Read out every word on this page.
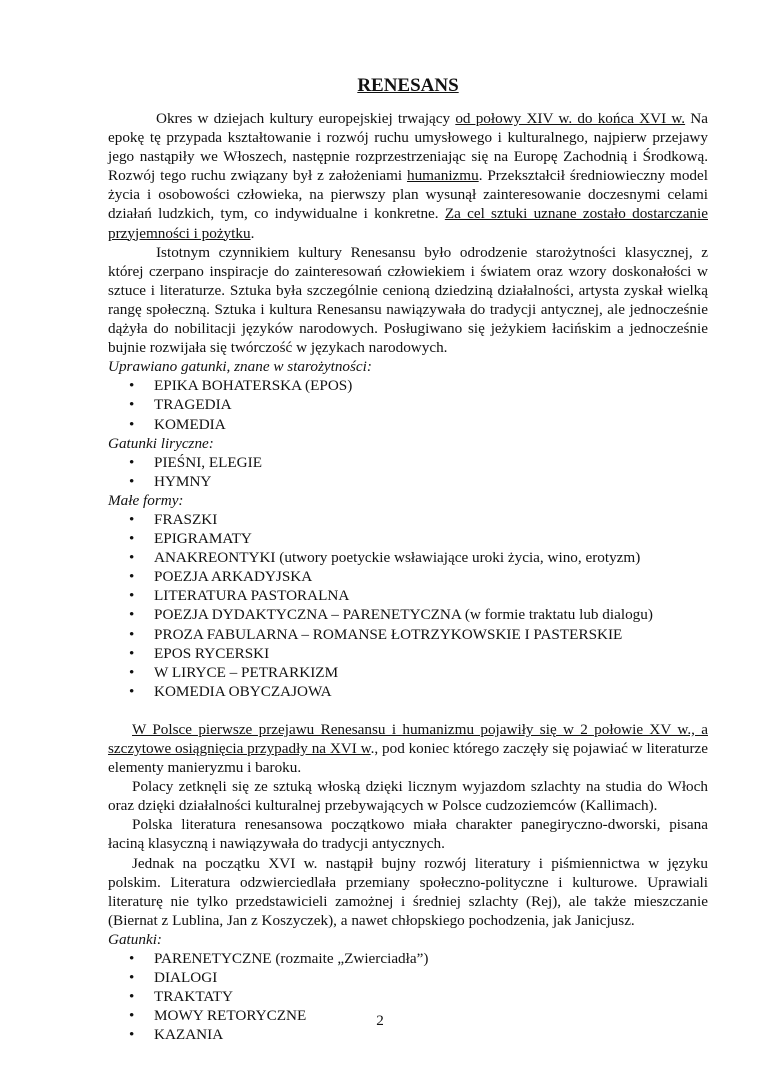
RENESANS

Okres w dziejach kultury europejskiej trwający od połowy XIV w. do końca XVI w. Na epokę tę przypada kształtowanie i rozwój ruchu umysłowego i kulturalnego, najpierw przejawy jego nastąpiły we Włoszech, następnie rozprzestrzeniając się na Europę Zachodnią i Środkową. Rozwój tego ruchu związany był z założeniami humanizmu. Przekształcił średniowieczny model życia i osobowości człowieka, na pierwszy plan wysunął zainteresowanie doczesnymi celami działań ludzkich, tym, co indywidualne i konkretne. Za cel sztuki uznane zostało dostarczanie przyjemności i pożytku.

Istotnym czynnikiem kultury Renesansu było odrodzenie starożytności klasycznej, z której czerpano inspiracje do zainteresowań człowiekiem i światem oraz wzory doskonałości w sztuce i literaturze. Sztuka była szczególnie cenioną dziedziną działalności, artysta zyskał wielką rangę społeczną. Sztuka i kultura Renesansu nawiązywała do tradycji antycznej, ale jednocześnie dążyła do nobilitacji języków narodowych. Posługiwano się jeżykiem łacińskim a jednocześnie bujnie rozwijała się twórczość w językach narodowych.

Uprawiano gatunki, znane w starożytności:
• EPIKA BOHATERSKA (EPOS)
• TRAGEDIA
• KOMEDIA
Gatunki liryczne:
• PIEŚNI, ELEGIE
• HYMNY
Małe formy:
• FRASZKI
• EPIGRAMATY
• ANAKREONTYKI (utwory poetyckie wsławiające uroki życia, wino, erotyzm)
• POEZJA ARKADYJSKA
• LITERATURA PASTORALNA
• POEZJA DYDAKTYCZNA – PARENETYCZNA (w formie traktatu lub dialogu)
• PROZA FABULARNA – ROMANSE ŁOTRZYKOWSKIE I PASTERSKIE
• EPOS RYCERSKI
• W LIRYCE – PETRARKIZM
• KOMEDIA OBYCZAJOWA

W Polsce pierwsze przejawu Renesansu i humanizmu pojawiły się w 2 połowie XV w., a szczytowe osiągnięcia przypadły na XVI w., pod koniec którego zaczęły się pojawiać w literaturze elementy manieryzmu i baroku.

Polacy zetknęli się ze sztuką włoską dzięki licznym wyjazdom szlachty na studia do Włoch oraz dzięki działalności kulturalnej przebywających w Polsce cudzoziemców (Kallimach).

Polska literatura renesansowa początkowo miała charakter panegiryczno-dworski, pisana łaciną klasyczną i nawiązywała do tradycji antycznych.

Jednak na początku XVI w. nastąpił bujny rozwój literatury i piśmiennictwa w języku polskim. Literatura odzwierciedlała przemiany społeczno-polityczne i kulturowe. Uprawiali literaturę nie tylko przedstawicieli zamożnej i średniej szlachty (Rej), ale także mieszczanie (Biernat z Lublina, Jan z Koszyczek), a nawet chłopskiego pochodzenia, jak Janicjusz.

Gatunki:
• PARENETYCZNE (rozmaite „Zwierciadła”)
• DIALOGI
• TRAKTATY
• MOWY RETORYCZNE
• KAZANIA
2
